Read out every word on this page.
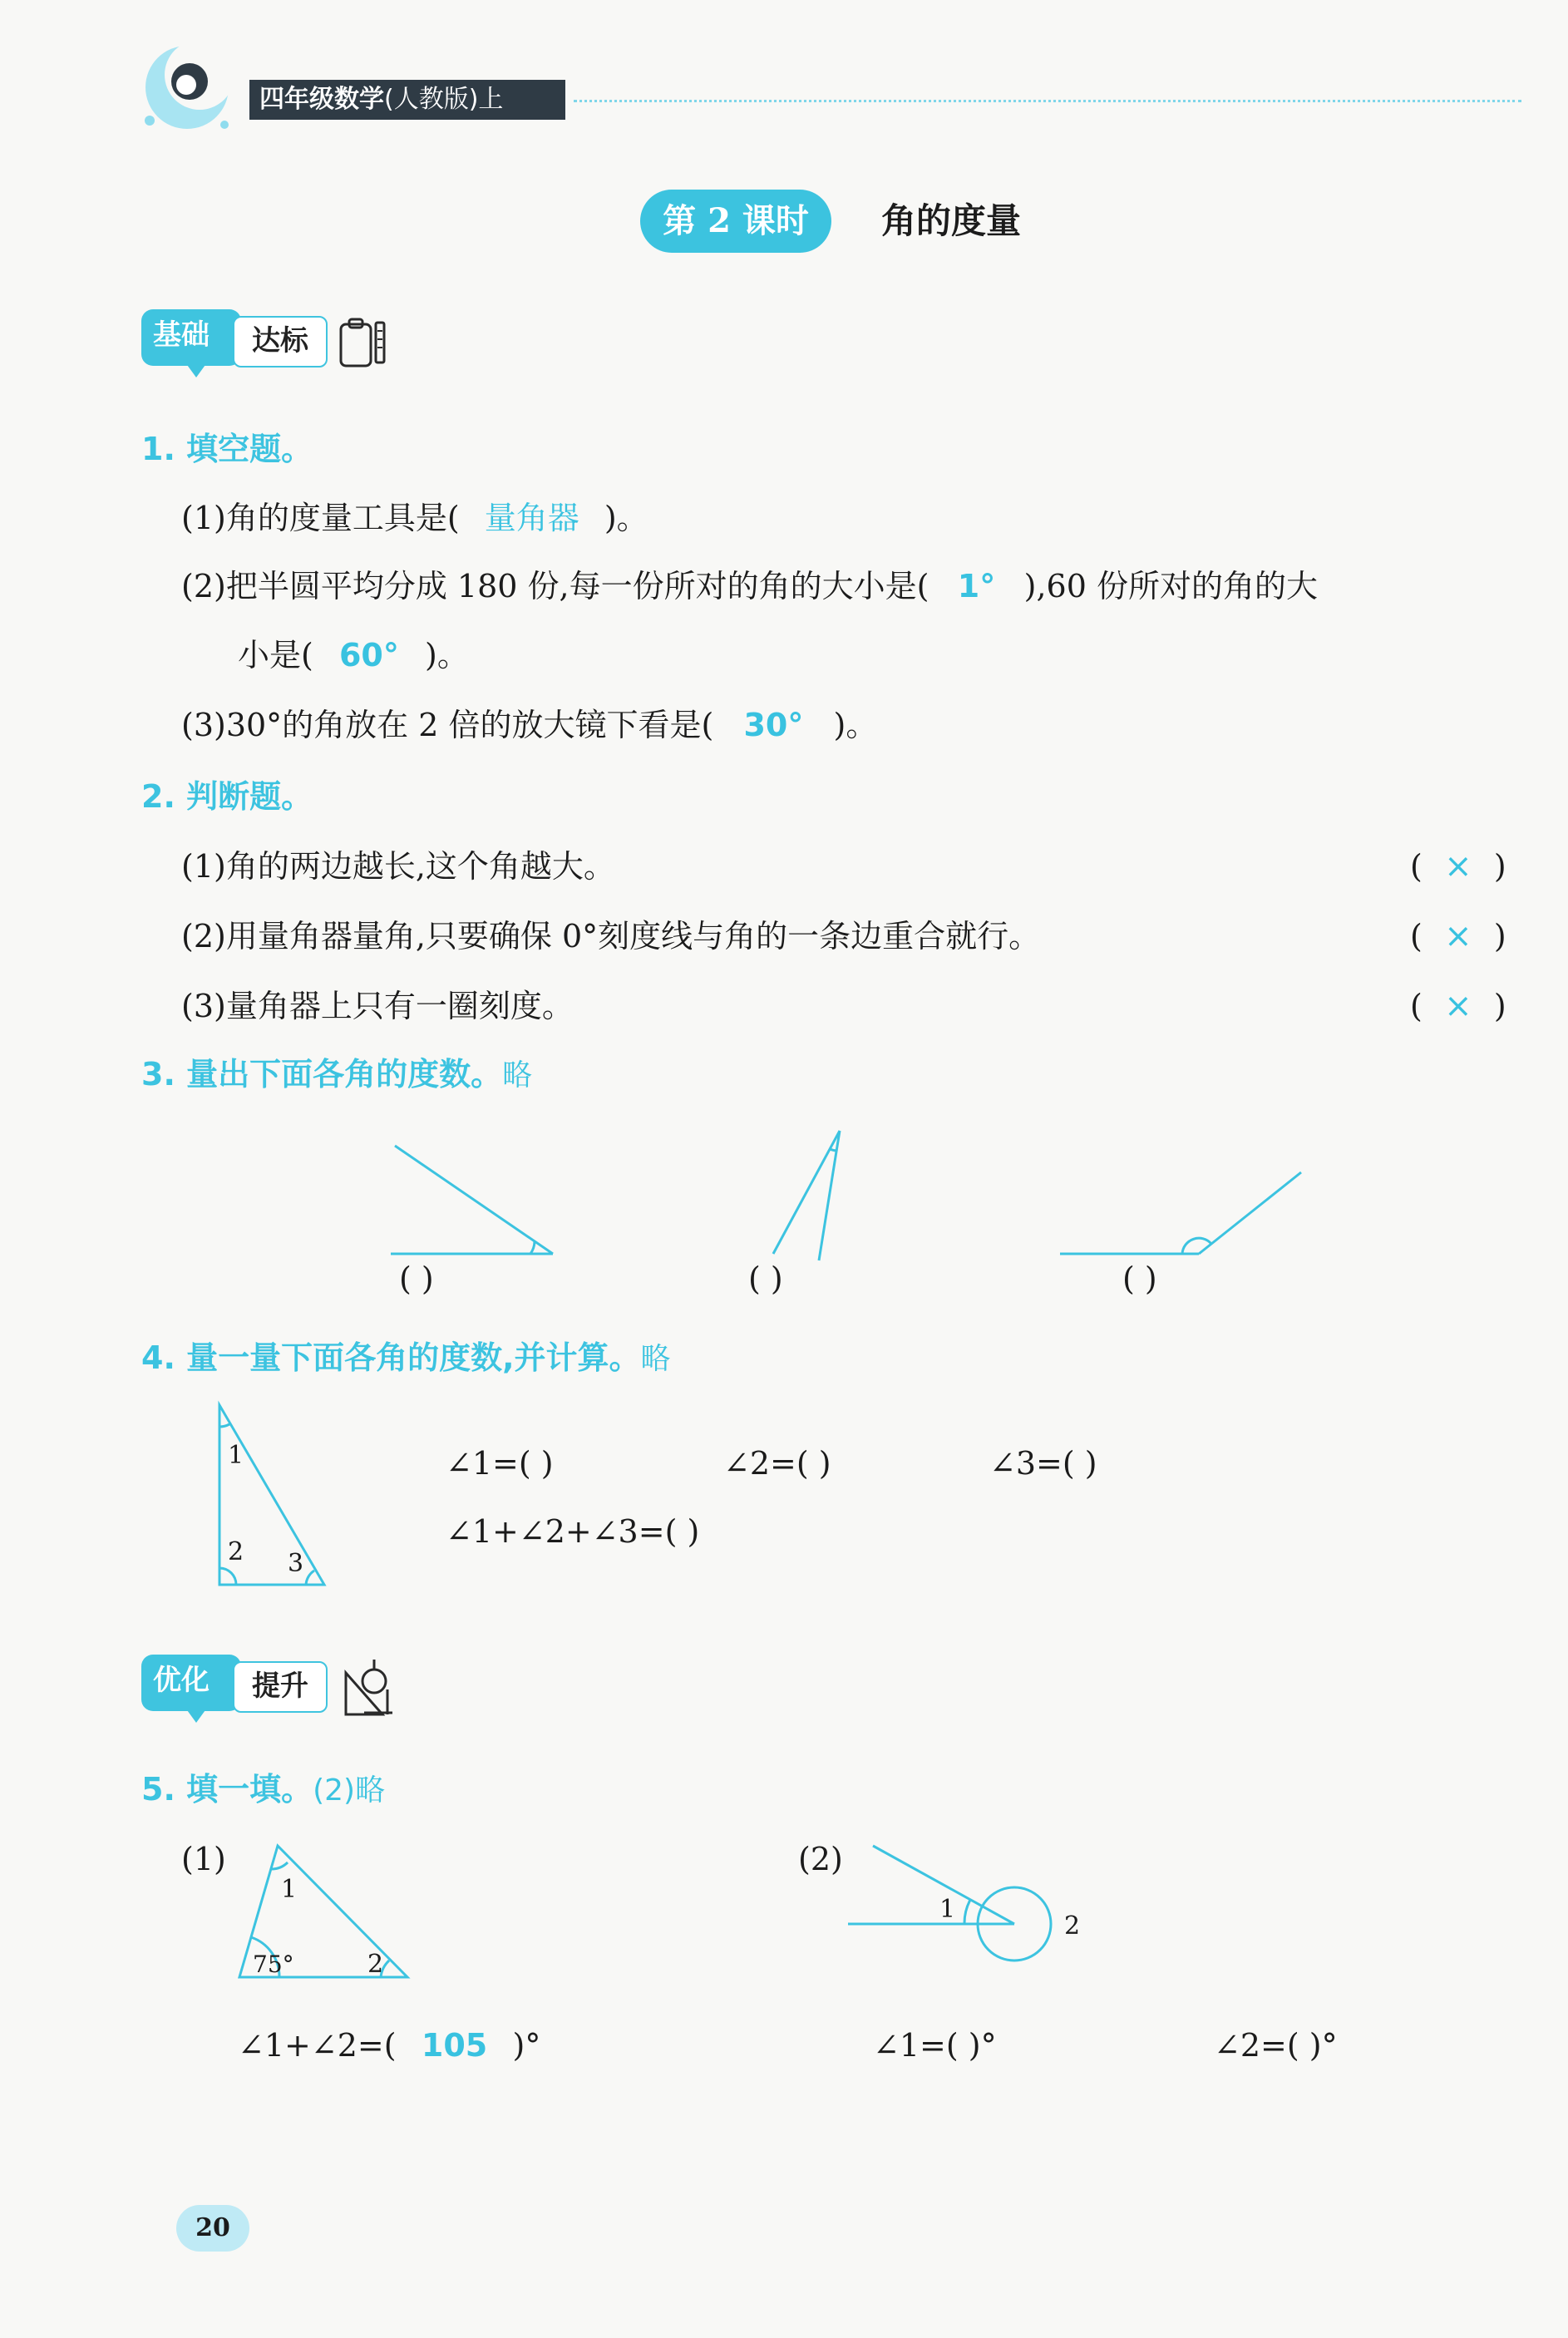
四年级数学(人教版)上
第 2 课时	角的度量
基础	达标
1. 填空题。
(1)角的度量工具是( 量角器 )。
(2)把半圆平均分成 180 份,每一份所对的角的大小是( 1° ),60 份所对的角的大
小是( 60° )。
(3)30°的角放在 2 倍的放大镜下看是( 30° )。
2. 判断题。
(1)角的两边越长,这个角越大。	( × )
(2)用量角器量角,只要确保 0°刻度线与角的一条边重合就行。	( × )
(3)量角器上只有一圈刻度。	( × )
3. 量出下面各角的度数。略
( )	( )	( )
4. 量一量下面各角的度数,并计算。略
1
2 3
∠1=( )	∠2=( )	∠3=( )
∠1+∠2+∠3=( )
优化	提升
5. 填一填。(2)略
(1)
1
75°	2
∠1+∠2=( 105 )°
(2)
1
2
∠1=( )°	∠2=( )°
20
